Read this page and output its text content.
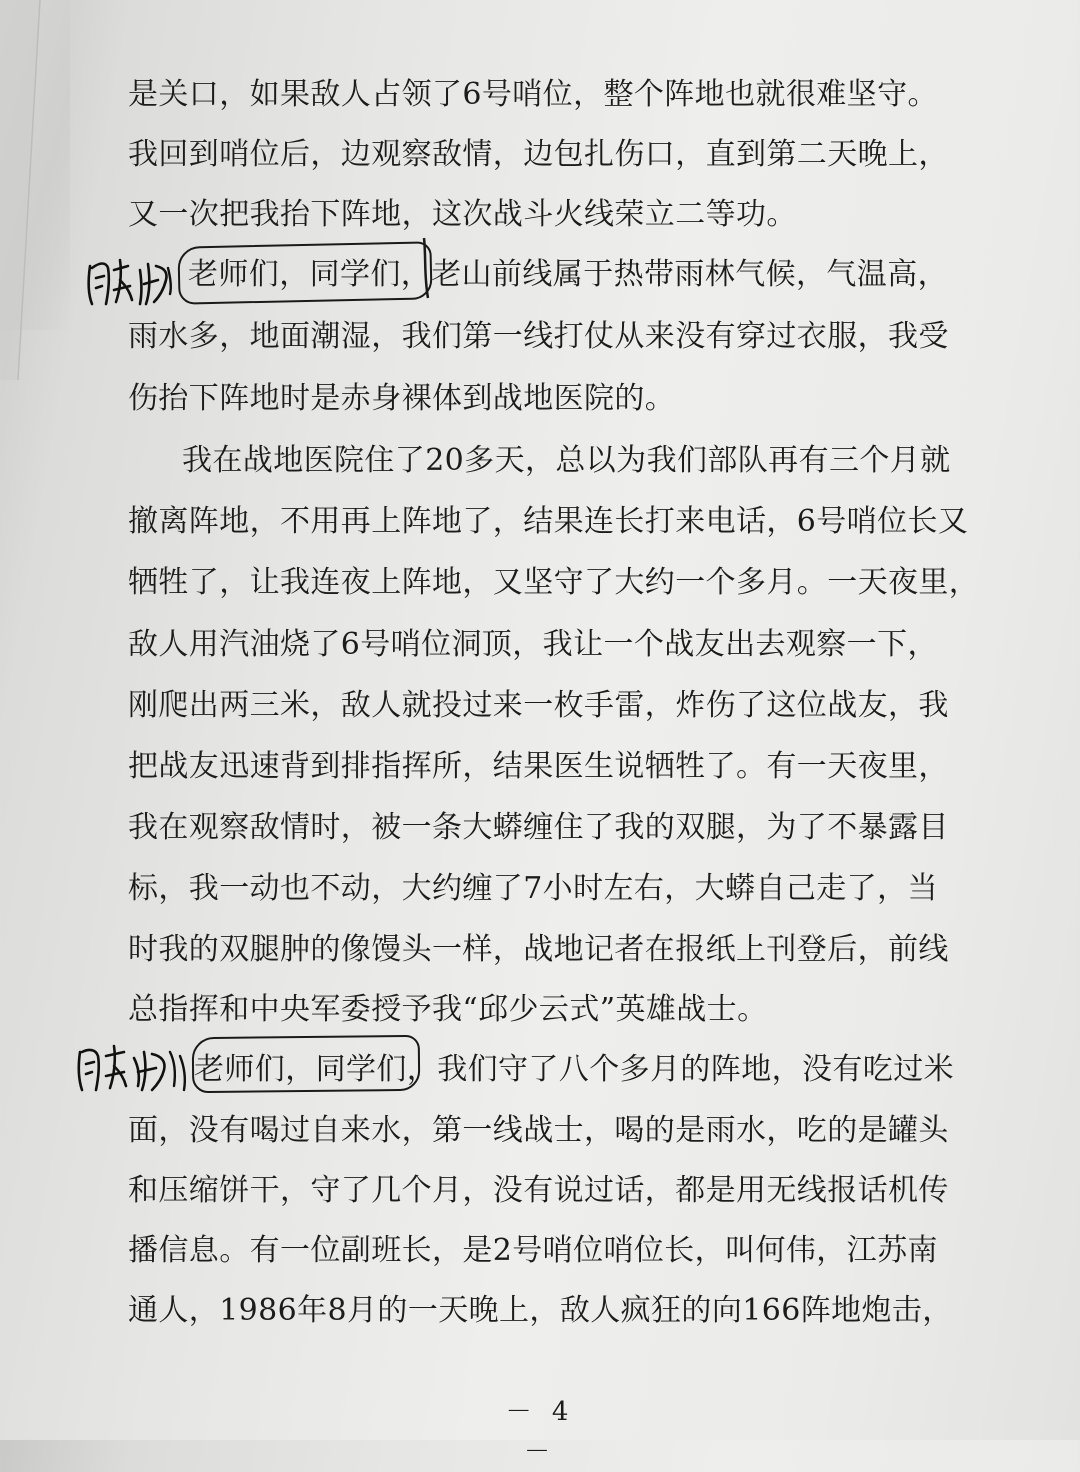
是关口，如果敌人占领了6号哨位，整个阵地也就很难坚守。
我回到哨位后，边观察敌情，边包扎伤口，直到第二天晚上，
又一次把我抬下阵地，这次战斗火线荣立二等功。
老师们，同学们，老山前线属于热带雨林气候，气温高，
雨水多，地面潮湿，我们第一线打仗从来没有穿过衣服，我受
伤抬下阵地时是赤身裸体到战地医院的。
我在战地医院住了20多天，总以为我们部队再有三个月就
撤离阵地，不用再上阵地了，结果连长打来电话，6号哨位长又
牺牲了，让我连夜上阵地，又坚守了大约一个多月。一天夜里，
敌人用汽油烧了6号哨位洞顶，我让一个战友出去观察一下，
刚爬出两三米，敌人就投过来一枚手雷，炸伤了这位战友，我
把战友迅速背到排指挥所，结果医生说牺牲了。有一天夜里，
我在观察敌情时，被一条大蟒缠住了我的双腿，为了不暴露目
标，我一动也不动，大约缠了7小时左右，大蟒自己走了，当
时我的双腿肿的像馒头一样，战地记者在报纸上刊登后，前线
总指挥和中央军委授予我“邱少云式”英雄战士。
老师们，同学们，我们守了八个多月的阵地，没有吃过米
面，没有喝过自来水，第一线战士，喝的是雨水，吃的是罐头
和压缩饼干，守了几个月，没有说过话，都是用无线报话机传
播信息。有一位副班长，是2号哨位哨位长，叫何伟，江苏南
通人，1986年8月的一天晚上，敌人疯狂的向166阵地炮击，
－ 4 －
